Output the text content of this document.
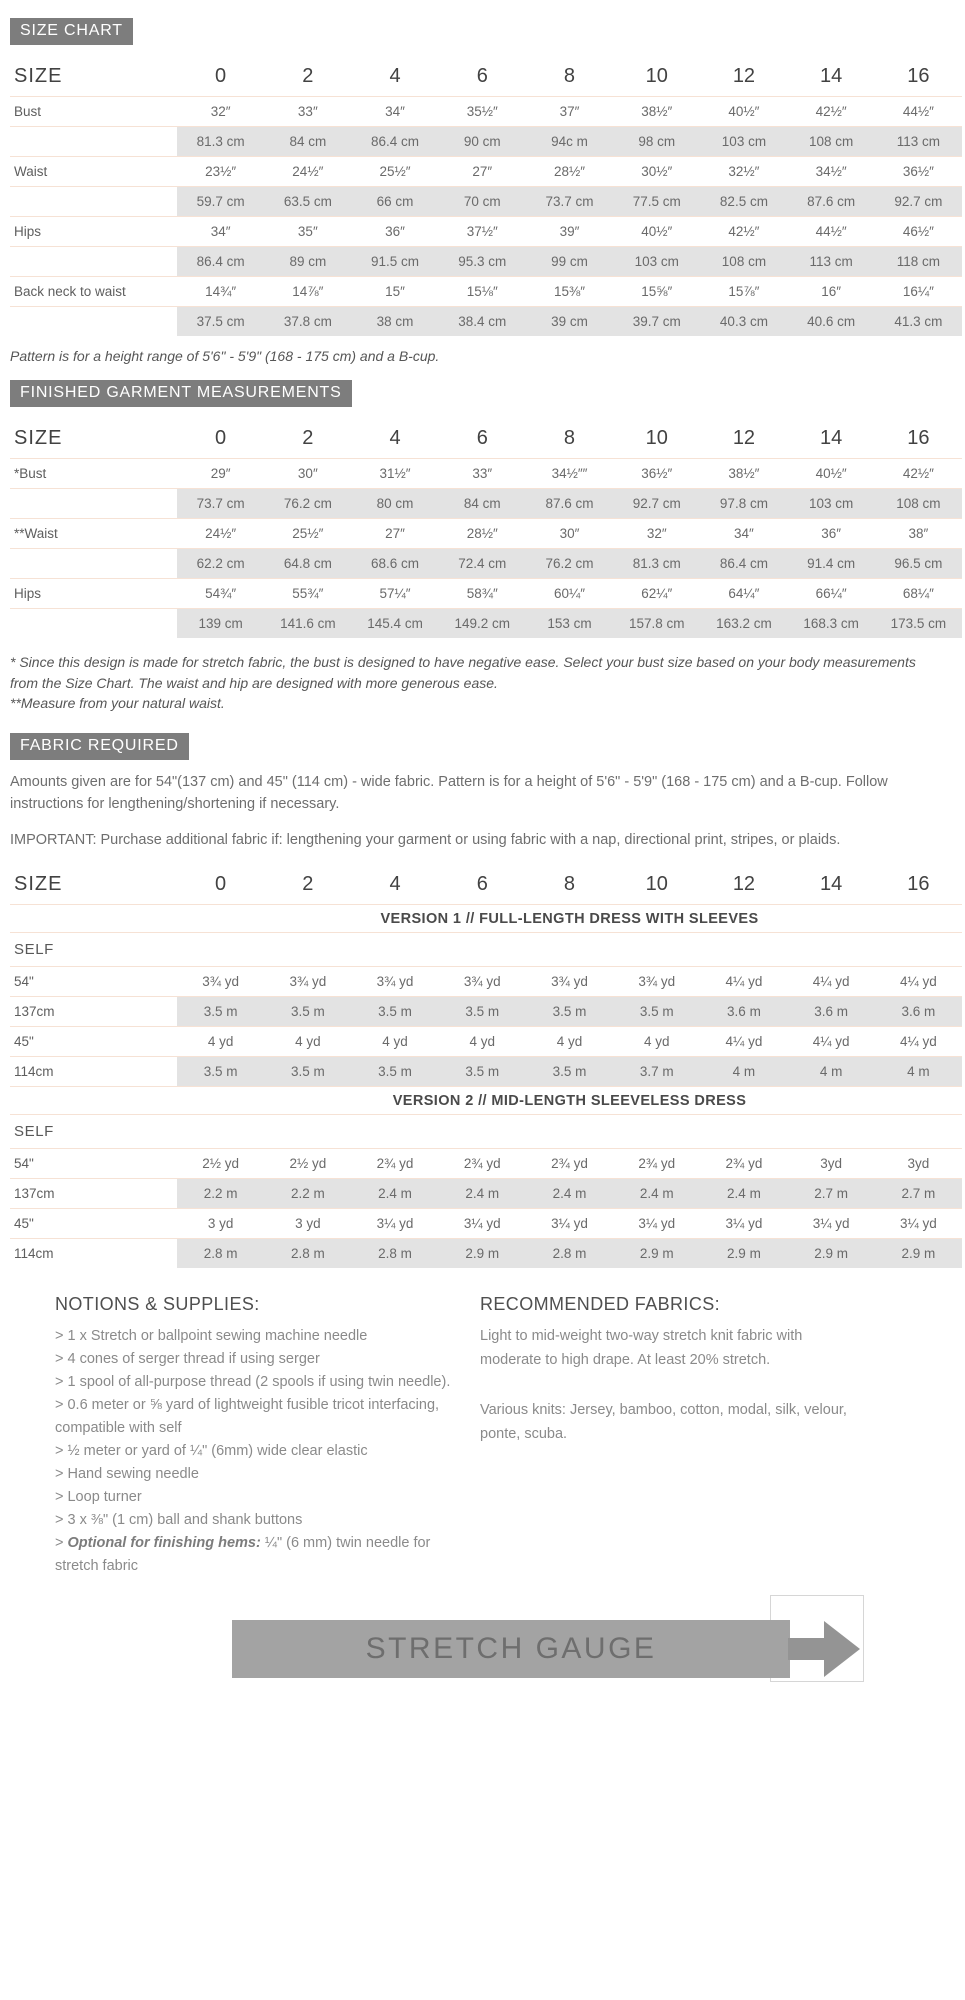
SIZE CHART
SIZE	0	2	4	6	8	10	12	14	16
Bust	32″	33″	34″	35½″	37″	38½″	40½″	42½″	44½″
81.3 cm	84 cm	86.4 cm	90 cm	94c m	98 cm	103 cm	108 cm	113 cm
Waist	23½″	24½″	25½″	27″	28½″	30½″	32½″	34½″	36½″
59.7 cm	63.5 cm	66 cm	70 cm	73.7 cm	77.5 cm	82.5 cm	87.6 cm	92.7 cm
Hips	34″	35″	36″	37½″	39″	40½″	42½″	44½″	46½″
86.4 cm	89 cm	91.5 cm	95.3 cm	99 cm	103 cm	108 cm	113 cm	118 cm
Back neck to waist	14¾″	14⅞″	15″	15⅛″	15⅜″	15⅝″	15⅞″	16″	16¼″
37.5 cm	37.8 cm	38 cm	38.4 cm	39 cm	39.7 cm	40.3 cm	40.6 cm	41.3 cm

Pattern is for a height range of 5'6" - 5'9" (168 - 175 cm) and a B-cup.

FINISHED GARMENT MEASUREMENTS
SIZE	0	2	4	6	8	10	12	14	16
*Bust	29″	30″	31½″	33″	34½″″	36½″	38½″	40½″	42½″
73.7 cm	76.2 cm	80 cm	84 cm	87.6 cm	92.7 cm	97.8 cm	103 cm	108 cm
**Waist	24½″	25½″	27″	28½″	30″	32″	34″	36″	38″
62.2 cm	64.8 cm	68.6 cm	72.4 cm	76.2 cm	81.3 cm	86.4 cm	91.4 cm	96.5 cm
Hips	54¾″	55¾″	57¼″	58¾″	60¼″	62¼″	64¼″	66¼″	68¼″
139 cm	141.6 cm	145.4 cm	149.2 cm	153 cm	157.8 cm	163.2 cm	168.3 cm	173.5 cm

* Since this design is made for stretch fabric, the bust is designed to have negative ease. Select your bust size based on your body measurements from the Size Chart. The waist and hip are designed with more generous ease.
**Measure from your natural waist.

FABRIC REQUIRED

Amounts given are for 54"(137 cm) and 45" (114 cm) - wide fabric. Pattern is for a height of 5'6" - 5'9" (168 - 175 cm) and a B-cup. Follow instructions for lengthening/shortening if necessary.

IMPORTANT: Purchase additional fabric if: lengthening your garment or using fabric with a nap, directional print, stripes, or plaids.

SIZE	0	2	4	6	8	10	12	14	16
VERSION 1 // FULL-LENGTH DRESS WITH SLEEVES
SELF
54"	3¾ yd	3¾ yd	3¾ yd	3¾ yd	3¾ yd	3¾ yd	4¼ yd	4¼ yd	4¼ yd
137cm	3.5 m	3.5 m	3.5 m	3.5 m	3.5 m	3.5 m	3.6 m	3.6 m	3.6 m
45"	4 yd	4 yd	4 yd	4 yd	4 yd	4 yd	4¼ yd	4¼ yd	4¼ yd
114cm	3.5 m	3.5 m	3.5 m	3.5 m	3.5 m	3.7 m	4 m	4 m	4 m
VERSION 2 // MID-LENGTH SLEEVELESS DRESS
SELF
54"	2½ yd	2½ yd	2¾ yd	2¾ yd	2¾ yd	2¾ yd	2¾ yd	3yd	3yd
137cm	2.2 m	2.2 m	2.4 m	2.4 m	2.4 m	2.4 m	2.4 m	2.7 m	2.7 m
45"	3 yd	3 yd	3¼ yd	3¼ yd	3¼ yd	3¼ yd	3¼ yd	3¼ yd	3¼ yd
114cm	2.8 m	2.8 m	2.8 m	2.9 m	2.8 m	2.9 m	2.9 m	2.9 m	2.9 m
NOTIONS & SUPPLIES:
> 1 x Stretch or ballpoint sewing machine needle
> 4 cones of serger thread if using serger
> 1 spool of all-purpose thread (2 spools if using twin needle).
> 0.6 meter or ⅝ yard of lightweight fusible tricot interfacing, compatible with self
> ½ meter or yard of ¼" (6mm) wide clear elastic
> Hand sewing needle
> Loop turner
> 3 x ⅜" (1 cm) ball and shank buttons
> Optional for finishing hems: ¼" (6 mm) twin needle for stretch fabric
RECOMMENDED FABRICS:

Light to mid-weight two-way stretch knit fabric with moderate to high drape. At least 20% stretch.

Various knits: Jersey, bamboo, cotton, modal, silk, velour, ponte, scuba.

STRETCH GAUGE
